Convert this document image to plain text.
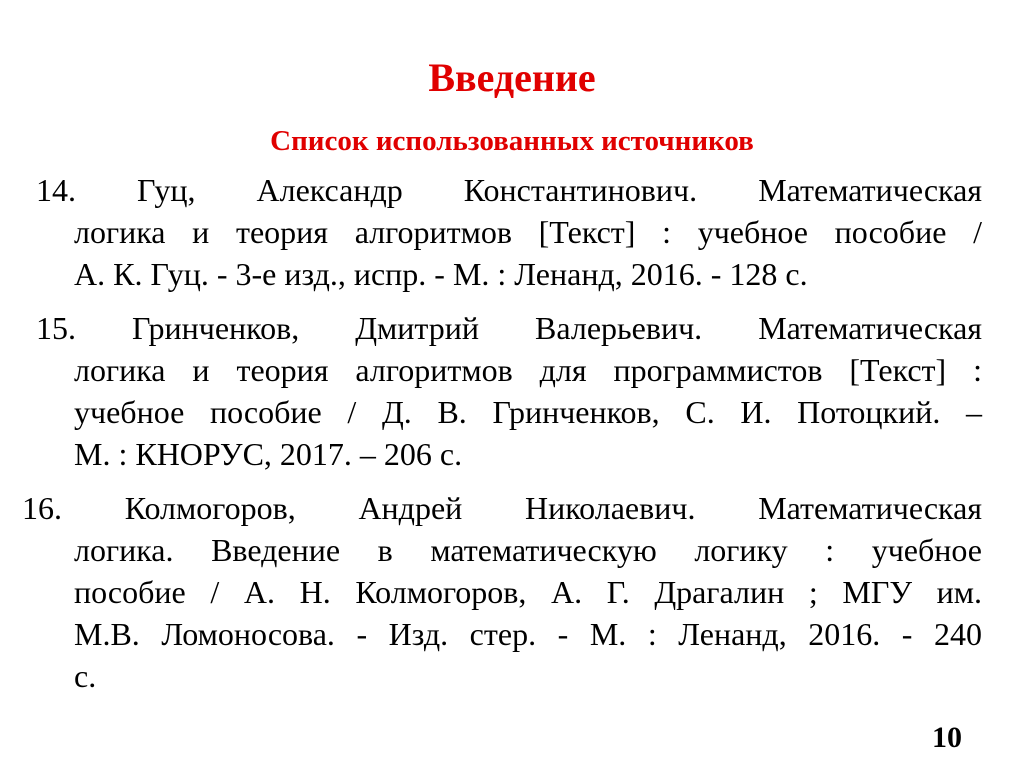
Введение
Список использованных источников
14. Гуц, Александр Константинович. Математическая
логика и теория алгоритмов [Текст] : учебное пособие /
А. К. Гуц. - 3-е изд., испр. - М. : Ленанд, 2016. - 128 с.
15. Гринченков, Дмитрий Валерьевич. Математическая
логика и теория алгоритмов для программистов [Текст] :
учебное пособие / Д. В. Гринченков, С. И. Потоцкий. –
М. : КНОРУС, 2017. – 206 с.
16. Колмогоров, Андрей Николаевич. Математическая
логика. Введение в математическую логику : учебное
пособие / А. Н. Колмогоров, А. Г. Драгалин ; МГУ им.
М.В. Ломоносова. - Изд. стер. - М. : Ленанд, 2016. - 240
с.
10
